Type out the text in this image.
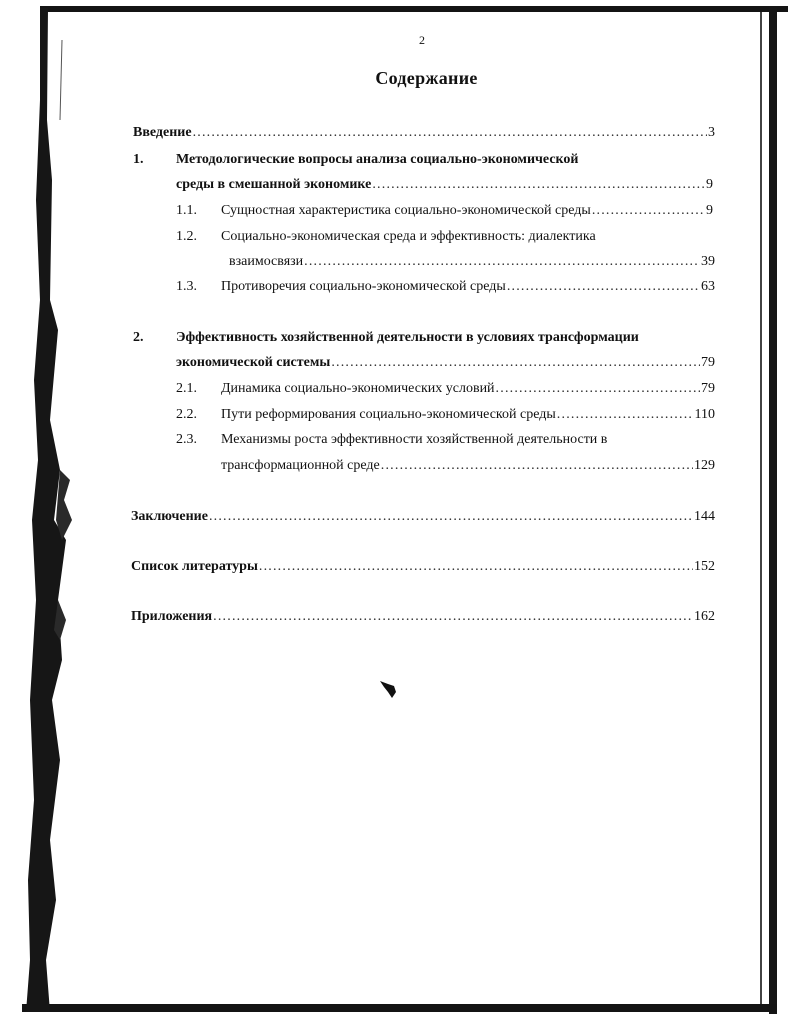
2
Содержание
Введение .....	3
1. Методологические вопросы анализа социально-экономической
среды в смешанной экономике .....	9
1.1.	Сущностная характеристика социально-экономической среды .....	9
1.2. Социально-экономическая среда и эффективность: диалектика
взаимосвязи .....	39
1.3.	Противоречия социально-экономической среды .....	63
2. Эффективность хозяйственной деятельности в условиях трансформации
экономической системы .....	79
2.1.	Динамика социально-экономических условий .....	79
2.2.	Пути реформирования социально-экономической среды .....	110
2.3. Механизмы роста эффективности хозяйственной деятельности в
трансформационной среде .....	129
Заключение .....	144
Список литературы .....	152
Приложения .....	162
